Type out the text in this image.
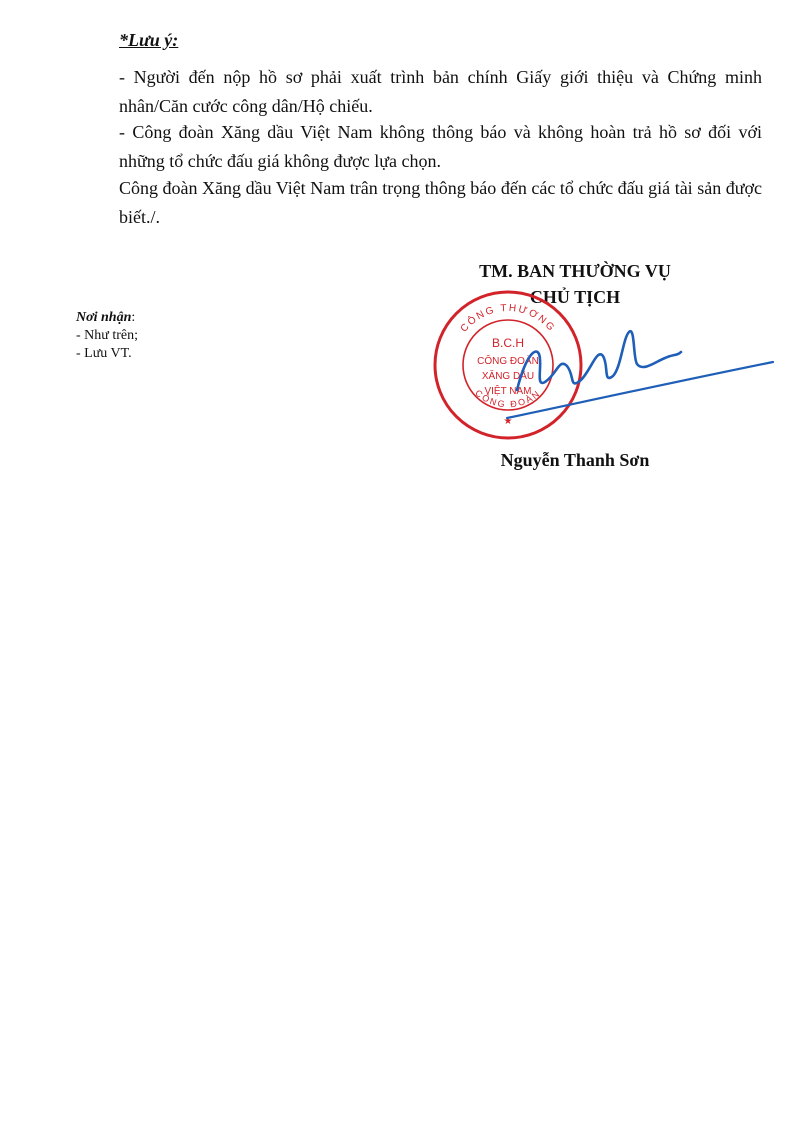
*Lưu ý:
- Người đến nộp hồ sơ phải xuất trình bản chính Giấy giới thiệu và Chứng minh nhân/Căn cước công dân/Hộ chiếu.
- Công đoàn Xăng dầu Việt Nam không thông báo và không hoàn trả hồ sơ đối với những tổ chức đấu giá không được lựa chọn.
Công đoàn Xăng dầu Việt Nam trân trọng thông báo đến các tổ chức đấu giá tài sản được biết./.
TM. BAN THƯỜNG VỤ
CHỦ TỊCH
Nơi nhận:
- Như trên;
- Lưu VT.
CÔNG THƯƠNG
CÔNG ĐOÀN
B.C.H
CÔNG ĐOÀN
XĂNG DẦU
VIỆT NAM
★
Nguyễn Thanh Sơn
